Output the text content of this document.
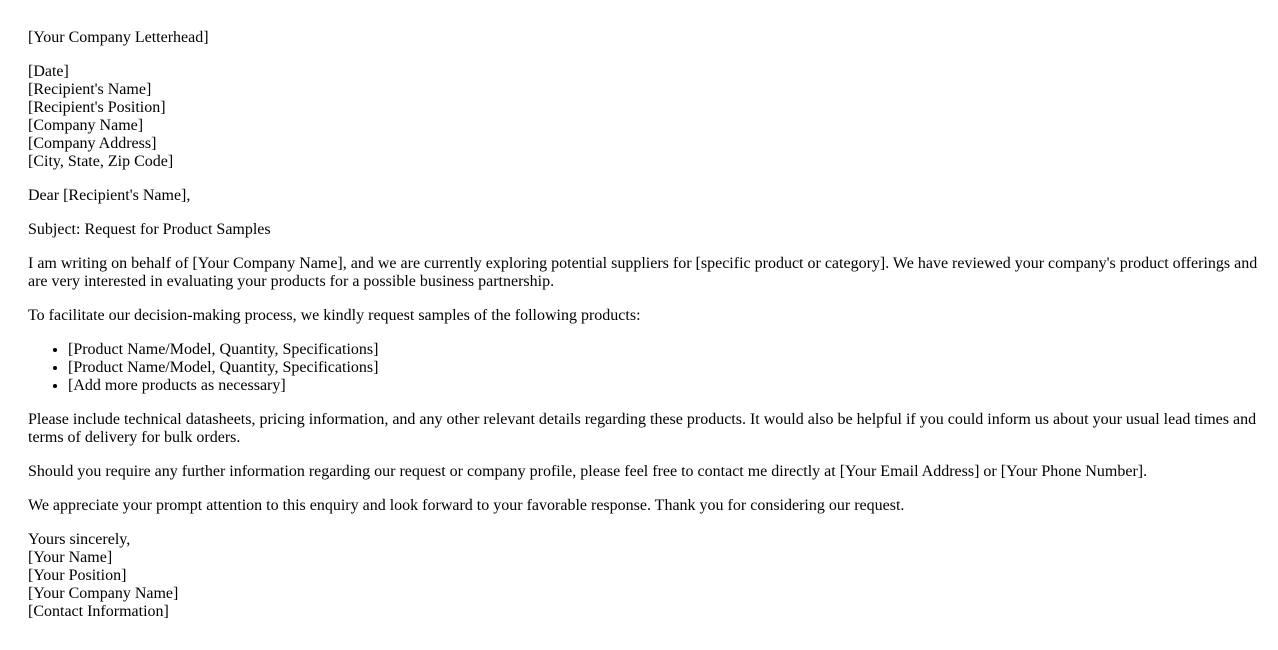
[Your Company Letterhead]

[Date]
[Recipient's Name]
[Recipient's Position]
[Company Name]
[Company Address]
[City, State, Zip Code]

Dear [Recipient's Name],

Subject: Request for Product Samples

I am writing on behalf of [Your Company Name], and we are currently exploring potential suppliers for [specific product or category]. We have reviewed your company's product offerings and are very interested in evaluating your products for a possible business partnership.

To facilitate our decision-making process, we kindly request samples of the following products:

• [Product Name/Model, Quantity, Specifications]
• [Product Name/Model, Quantity, Specifications]
• [Add more products as necessary]

Please include technical datasheets, pricing information, and any other relevant details regarding these products. It would also be helpful if you could inform us about your usual lead times and terms of delivery for bulk orders.

Should you require any further information regarding our request or company profile, please feel free to contact me directly at [Your Email Address] or [Your Phone Number].

We appreciate your prompt attention to this enquiry and look forward to your favorable response. Thank you for considering our request.

Yours sincerely,
[Your Name]
[Your Position]
[Your Company Name]
[Contact Information]
